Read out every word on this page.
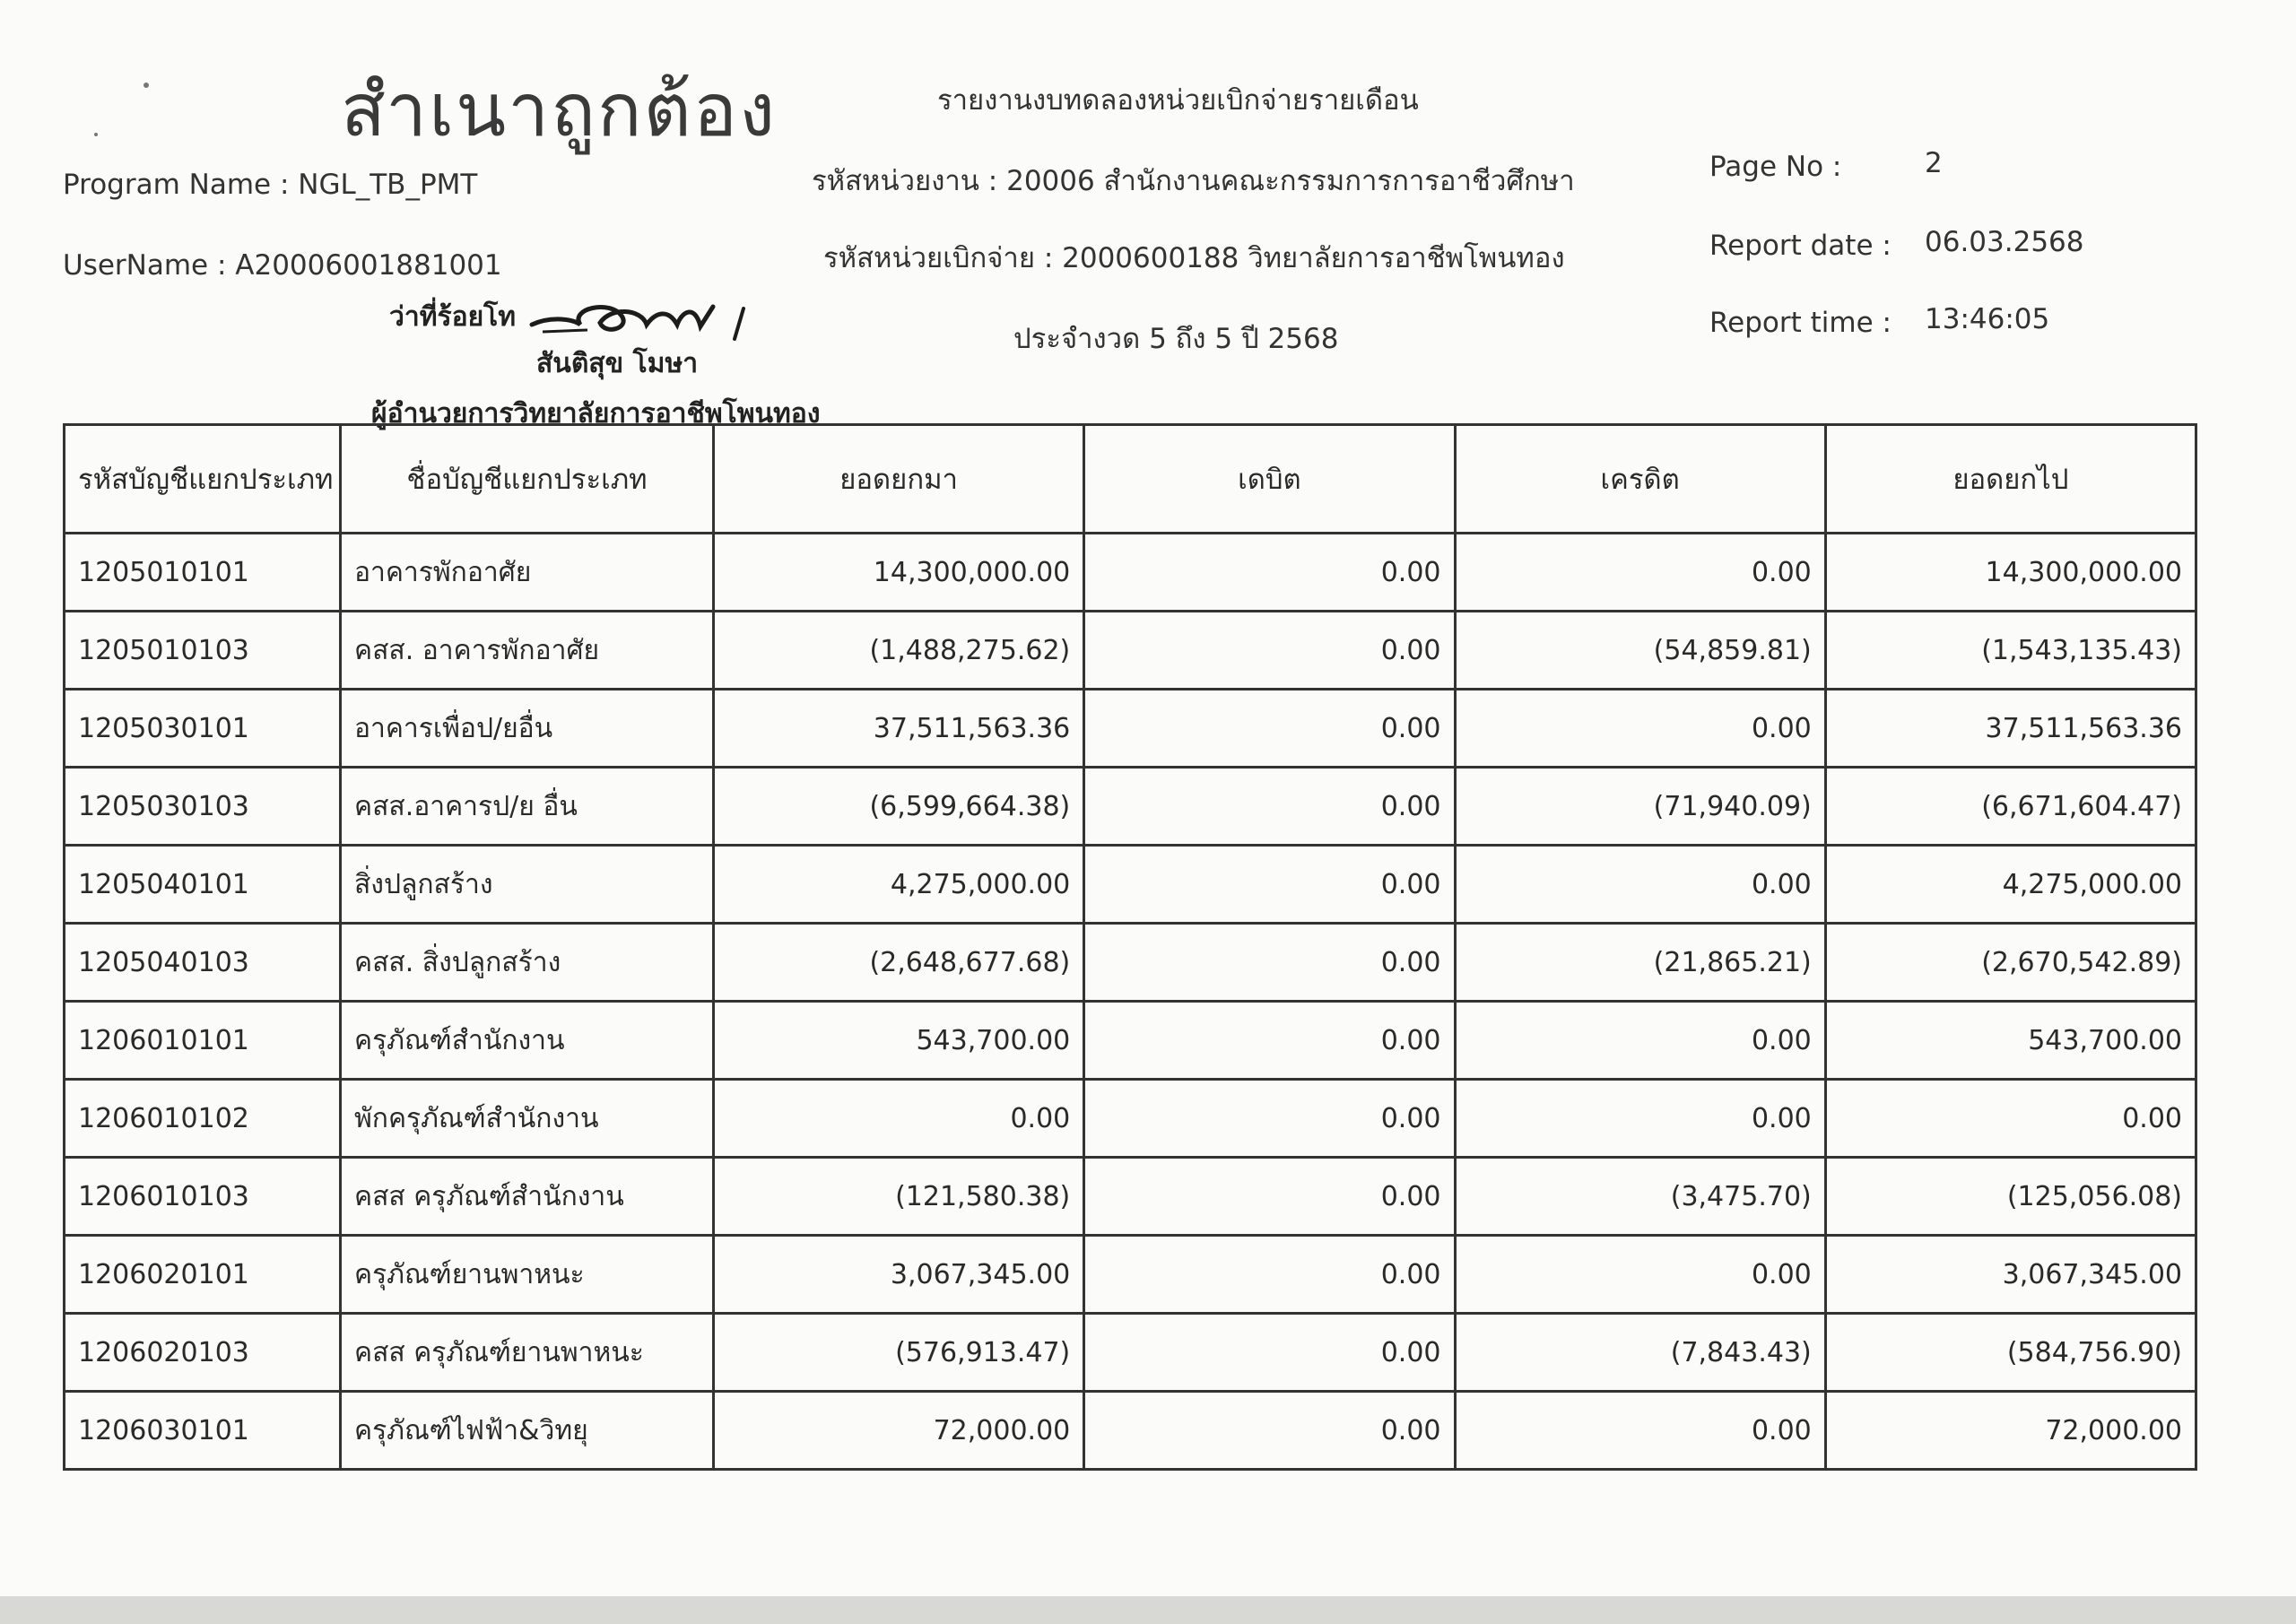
สำเนาถูกต้อง	รายงานงบทดลองหน่วยเบิกจ่ายรายเดือน
Program Name : NGL_TB_PMT
UserName : A20006001881001
รหัสหน่วยงาน : 20006 สำนักงานคณะกรรมการการอาชีวศึกษา
รหัสหน่วยเบิกจ่าย : 2000600188 วิทยาลัยการอาชีพโพนทอง
ประจำงวด 5 ถึง 5 ปี 2568
Page No :	2
Report date : 06.03.2568
Report time : 13:46:05
ว่าที่ร้อยโท
สันติสุข โมษา
ผู้อำนวยการวิทยาลัยการอาชีพโพนทอง
รหัสบัญชีแยกประเภท	ชื่อบัญชีแยกประเภท	ยอดยกมา	เดบิต	เครดิต	ยอดยกไป
1205010101	อาคารพักอาศัย	14,300,000.00	0.00	0.00	14,300,000.00
1205010103	คสส. อาคารพักอาศัย	(1,488,275.62)	0.00	(54,859.81)	(1,543,135.43)
1205030101	อาคารเพื่อป/ยอื่น	37,511,563.36	0.00	0.00	37,511,563.36
1205030103	คสส.อาคารป/ย อื่น	(6,599,664.38)	0.00	(71,940.09)	(6,671,604.47)
1205040101	สิ่งปลูกสร้าง	4,275,000.00	0.00	0.00	4,275,000.00
1205040103	คสส. สิ่งปลูกสร้าง	(2,648,677.68)	0.00	(21,865.21)	(2,670,542.89)
1206010101	ครุภัณฑ์สำนักงาน	543,700.00	0.00	0.00	543,700.00
1206010102	พักครุภัณฑ์สำนักงาน	0.00	0.00	0.00	0.00
1206010103	คสส ครุภัณฑ์สำนักงาน	(121,580.38)	0.00	(3,475.70)	(125,056.08)
1206020101	ครุภัณฑ์ยานพาหนะ	3,067,345.00	0.00	0.00	3,067,345.00
1206020103	คสส ครุภัณฑ์ยานพาหนะ	(576,913.47)	0.00	(7,843.43)	(584,756.90)
1206030101	ครุภัณฑ์ไฟฟ้า&วิทยุ	72,000.00	0.00	0.00	72,000.00
